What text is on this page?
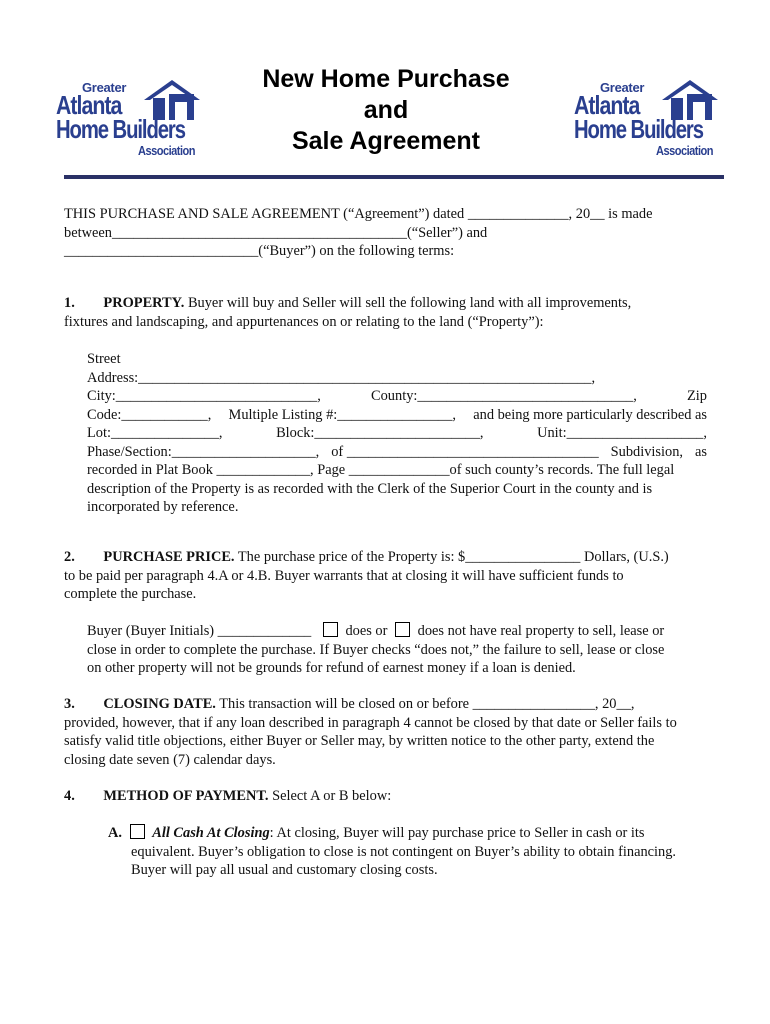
Greater
Atlanta
Home Builders
Association
Greater
Atlanta
Home Builders
Association
New Home Purchase
and
Sale Agreement
THIS PURCHASE AND SALE AGREEMENT (“Agreement”) dated ______________, 20__ is made
between_________________________________________(“Seller”) and
___________________________(“Buyer”) on the following terms:
1. PROPERTY. Buyer will buy and Seller will sell the following land with all improvements,
fixtures and landscaping, and appurtenances on or relating to the land (“Property”):
Street
Address:_______________________________________________________________,
City:____________________________,	County:______________________________,	Zip
Code:____________, Multiple Listing #:________________, and being more particularly described as
Lot:_______________,	Block:_______________________,	Unit:___________________,
Phase/Section:____________________, of ___________________________________ Subdivision, as
recorded in Plat Book _____________, Page ______________of such county’s records. The full legal
description of the Property is as recorded with the Clerk of the Superior Court in the county and is
incorporated by reference.
2. PURCHASE PRICE. The purchase price of the Property is: $________________ Dollars, (U.S.)
to be paid per paragraph 4.A or 4.B. Buyer warrants that at closing it will have sufficient funds to
complete the purchase.
Buyer (Buyer Initials) _____________ does or does not have real property to sell, lease or
close in order to complete the purchase. If Buyer checks “does not,” the failure to sell, lease or close
on other property will not be grounds for refund of earnest money if a loan is denied.
3. CLOSING DATE. This transaction will be closed on or before _________________, 20__,
provided, however, that if any loan described in paragraph 4 cannot be closed by that date or Seller fails to
satisfy valid title objections, either Buyer or Seller may, by written notice to the other party, extend the
closing date seven (7) calendar days.
4. METHOD OF PAYMENT. Select A or B below:
A. All Cash At Closing: At closing, Buyer will pay purchase price to Seller in cash or its
equivalent. Buyer’s obligation to close is not contingent on Buyer’s ability to obtain financing.
Buyer will pay all usual and customary closing costs.
